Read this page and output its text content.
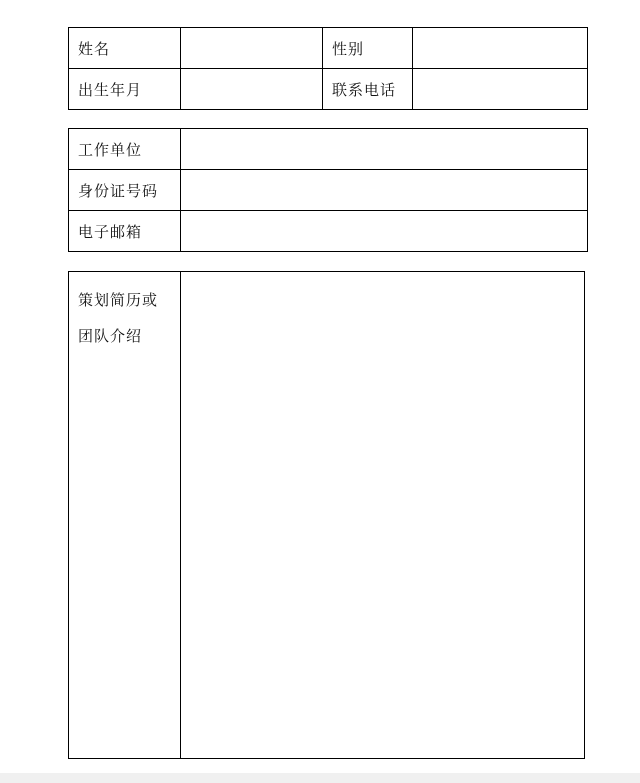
姓名		性别	
出生年月		联系电话	
工作单位	
身份证号码	
电子邮箱	
策划简历或
团队介绍
